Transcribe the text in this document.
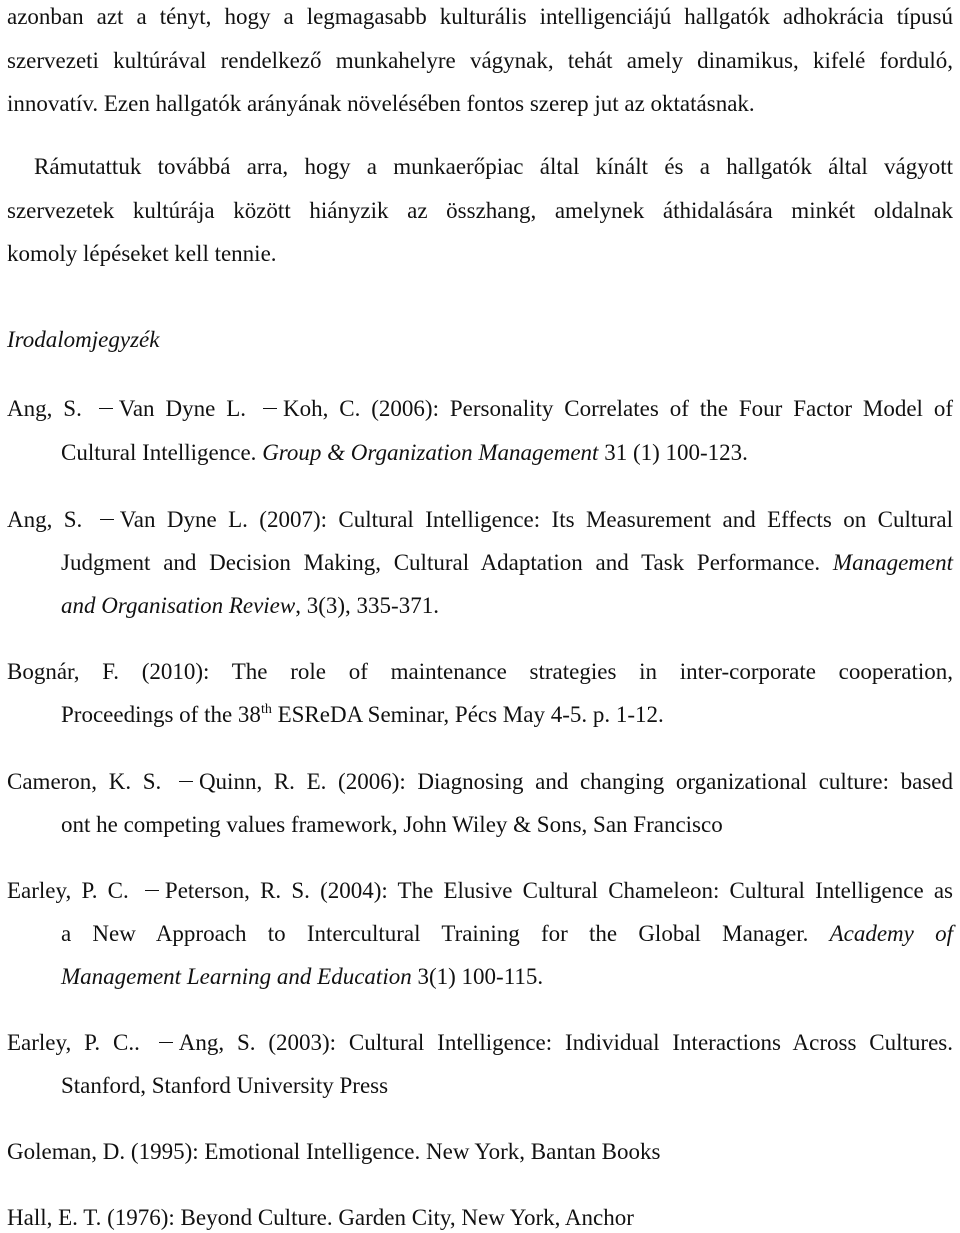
azonban azt a tényt, hogy a legmagasabb kulturális intelligenciájú hallgatók adhokrácia típusú
szervezeti kultúrával rendelkező munkahelyre vágynak, tehát amely dinamikus, kifelé forduló,
innovatív. Ezen hallgatók arányának növelésében fontos szerep jut az oktatásnak.
Rámutattuk továbbá arra, hogy a munkaerőpiac által kínált és a hallgatók által vágyott
szervezetek kultúrája között hiányzik az összhang, amelynek áthidalására minkét oldalnak
komoly lépéseket kell tennie.
Irodalomjegyzék
Ang, S. Van Dyne L. Koh, C. (2006): Personality Correlates of the Four Factor Model of
Cultural Intelligence. Group & Organization Management 31 (1) 100-123.
Ang, S. Van Dyne L. (2007): Cultural Intelligence: Its Measurement and Effects on Cultural
Judgment and Decision Making, Cultural Adaptation and Task Performance. Management
and Organisation Review, 3(3), 335-371.
Bognár, F. (2010): The role of maintenance strategies in inter-corporate cooperation,
Proceedings of the 38th ESReDA Seminar, Pécs May 4-5. p. 1-12.
Cameron, K. S. Quinn, R. E. (2006): Diagnosing and changing organizational culture: based
ont he competing values framework, John Wiley & Sons, San Francisco
Earley, P. C. Peterson, R. S. (2004): The Elusive Cultural Chameleon: Cultural Intelligence as
a New Approach to Intercultural Training for the Global Manager. Academy of
Management Learning and Education 3(1) 100-115.
Earley, P. C.. Ang, S. (2003): Cultural Intelligence: Individual Interactions Across Cultures.
Stanford, Stanford University Press
Goleman, D. (1995): Emotional Intelligence. New York, Bantan Books
Hall, E. T. (1976): Beyond Culture. Garden City, New York, Anchor
